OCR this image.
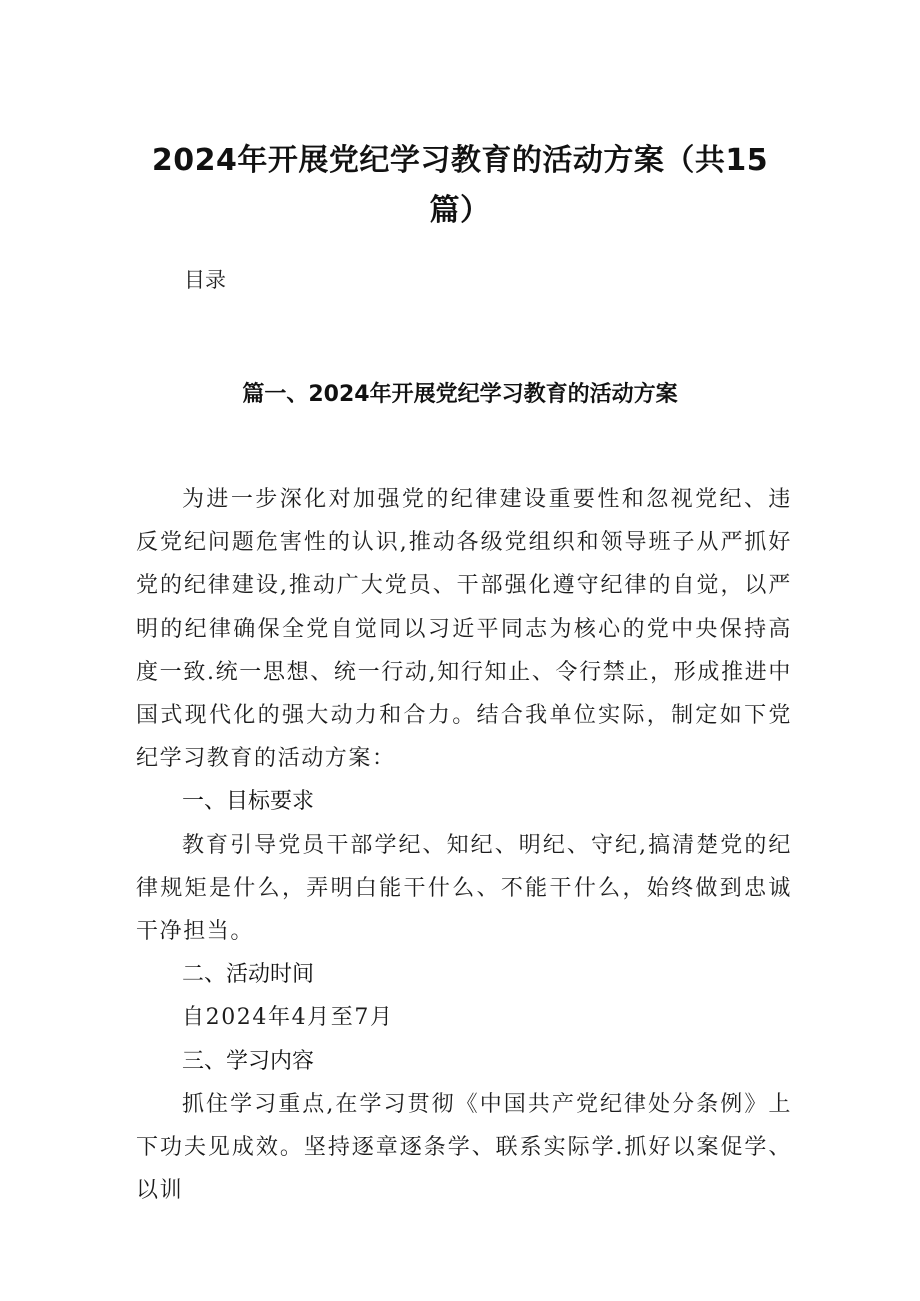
2024年开展党纪学习教育的活动方案（共15篇）
目录
篇一、2024年开展党纪学习教育的活动方案

为进一步深化对加强党的纪律建设重要性和忽视党纪、违反党纪问题危害性的认识,推动各级党组织和领导班子从严抓好党的纪律建设,推动广大党员、干部强化遵守纪律的自觉，以严明的纪律确保全党自觉同以习近平同志为核心的党中央保持高度一致.统一思想、统一行动,知行知止、令行禁止，形成推进中国式现代化的强大动力和合力。结合我单位实际，制定如下党纪学习教育的活动方案：

一、目标要求

教育引导党员干部学纪、知纪、明纪、守纪,搞清楚党的纪律规矩是什么，弄明白能干什么、不能干什么，始终做到忠诚干净担当。

二、活动时间

自2024年4月至7月

三、学习内容

抓住学习重点,在学习贯彻《中国共产党纪律处分条例》上下功夫见成效。坚持逐章逐条学、联系实际学.抓好以案促学、以训
